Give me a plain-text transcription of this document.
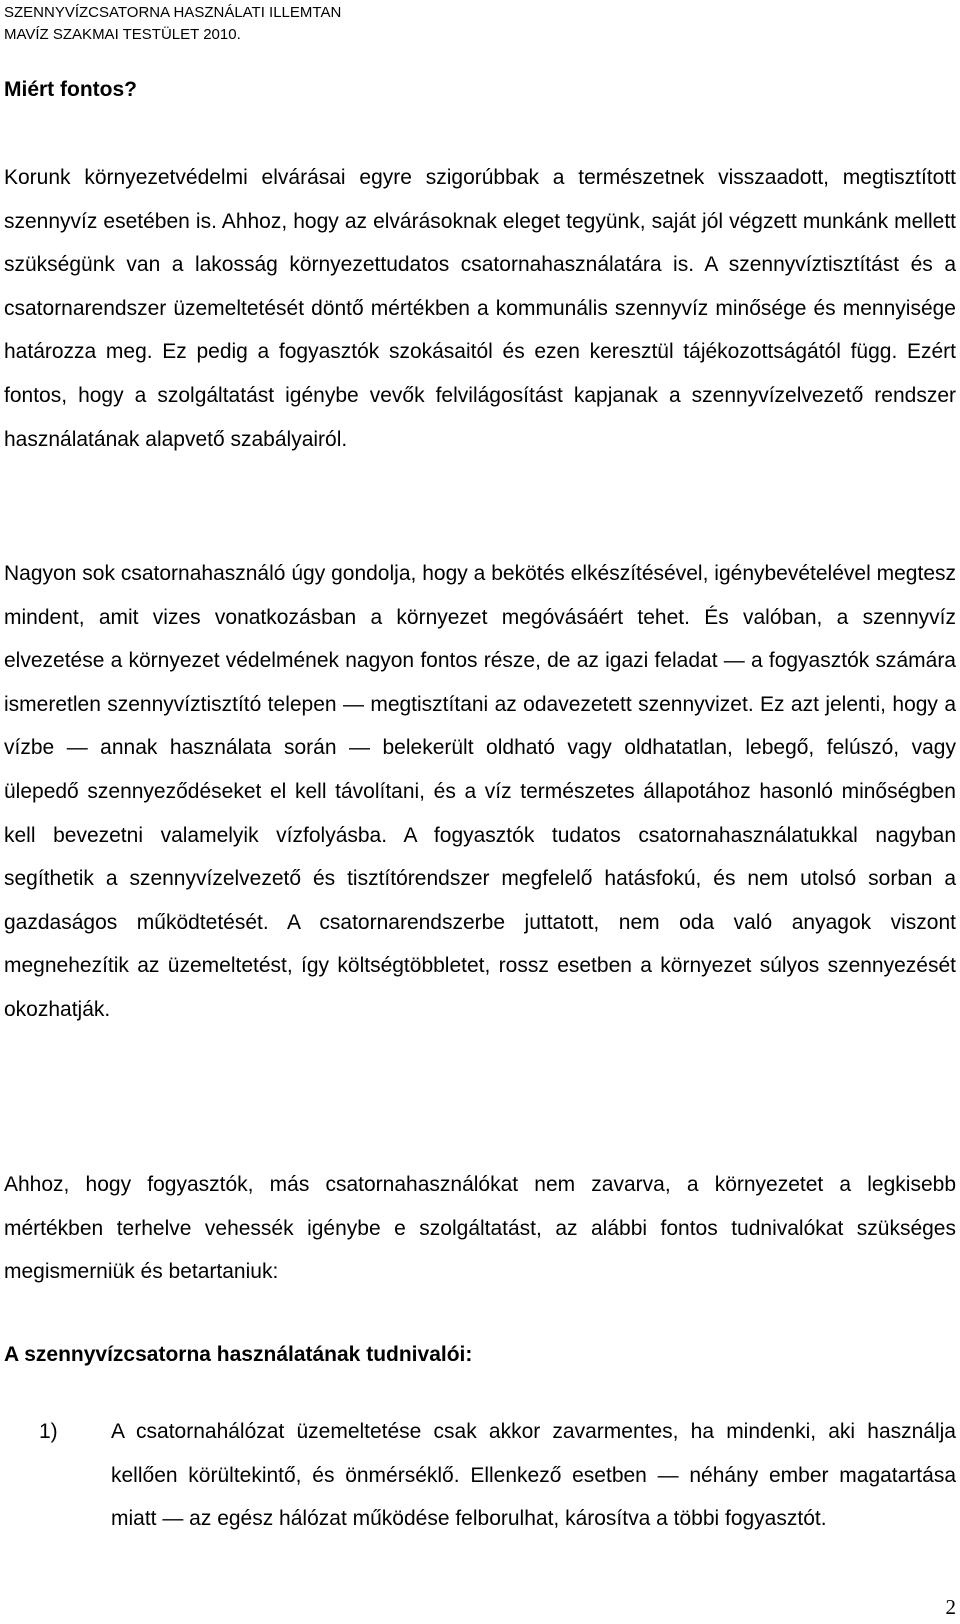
SZENNYVÍZCSATORNA HASZNÁLATI ILLEMTAN
MAVÍZ SZAKMAI TESTÜLET 2010.
Miért fontos?

Korunk környezetvédelmi elvárásai egyre szigorúbbak a természetnek visszaadott, megtisztított szennyvíz esetében is. Ahhoz, hogy az elvárásoknak eleget tegyünk, saját jól végzett munkánk mellett szükségünk van a lakosság környezettudatos csatornahasználatára is. A szennyvíztisztítást és a csatornarendszer üzemeltetését döntő mértékben a kommunális szennyvíz minősége és mennyisége határozza meg. Ez pedig a fogyasztók szokásaitól és ezen keresztül tájékozottságától függ. Ezért fontos, hogy a szolgáltatást igénybe vevők felvilágosítást kapjanak a szennyvízelvezető rendszer használatának alapvető szabályairól.

Nagyon sok csatornahasználó úgy gondolja, hogy a bekötés elkészítésével, igénybevételével megtesz mindent, amit vizes vonatkozásban a környezet megóvásáért tehet. És valóban, a szennyvíz elvezetése a környezet védelmének nagyon fontos része, de az igazi feladat — a fogyasztók számára ismeretlen szennyvíztisztító telepen — megtisztítani az odavezetett szennyvizet. Ez azt jelenti, hogy a vízbe — annak használata során — belekerült oldható vagy oldhatatlan, lebegő, felúszó, vagy ülepedő szennyeződéseket el kell távolítani, és a víz természetes állapotához hasonló minőségben kell bevezetni valamelyik vízfolyásba. A fogyasztók tudatos csatornahasználatukkal nagyban segíthetik a szennyvízelvezető és tisztítórendszer megfelelő hatásfokú, és nem utolsó sorban a gazdaságos működtetését. A csatornarendszerbe juttatott, nem oda való anyagok viszont megnehezítik az üzemeltetést, így költségtöbbletet, rossz esetben a környezet súlyos szennyezését okozhatják.

Ahhoz, hogy fogyasztók, más csatornahasználókat nem zavarva, a környezetet a legkisebb mértékben terhelve vehessék igénybe e szolgáltatást, az alábbi fontos tudnivalókat szükséges megismerniük és betartaniuk:

A szennyvízcsatorna használatának tudnivalói:
1)	A csatornahálózat üzemeltetése csak akkor zavarmentes, ha mindenki, aki használja kellően körültekintő, és önmérséklő. Ellenkező esetben — néhány ember magatartása miatt — az egész hálózat működése felborulhat, károsítva a többi fogyasztót.
2
